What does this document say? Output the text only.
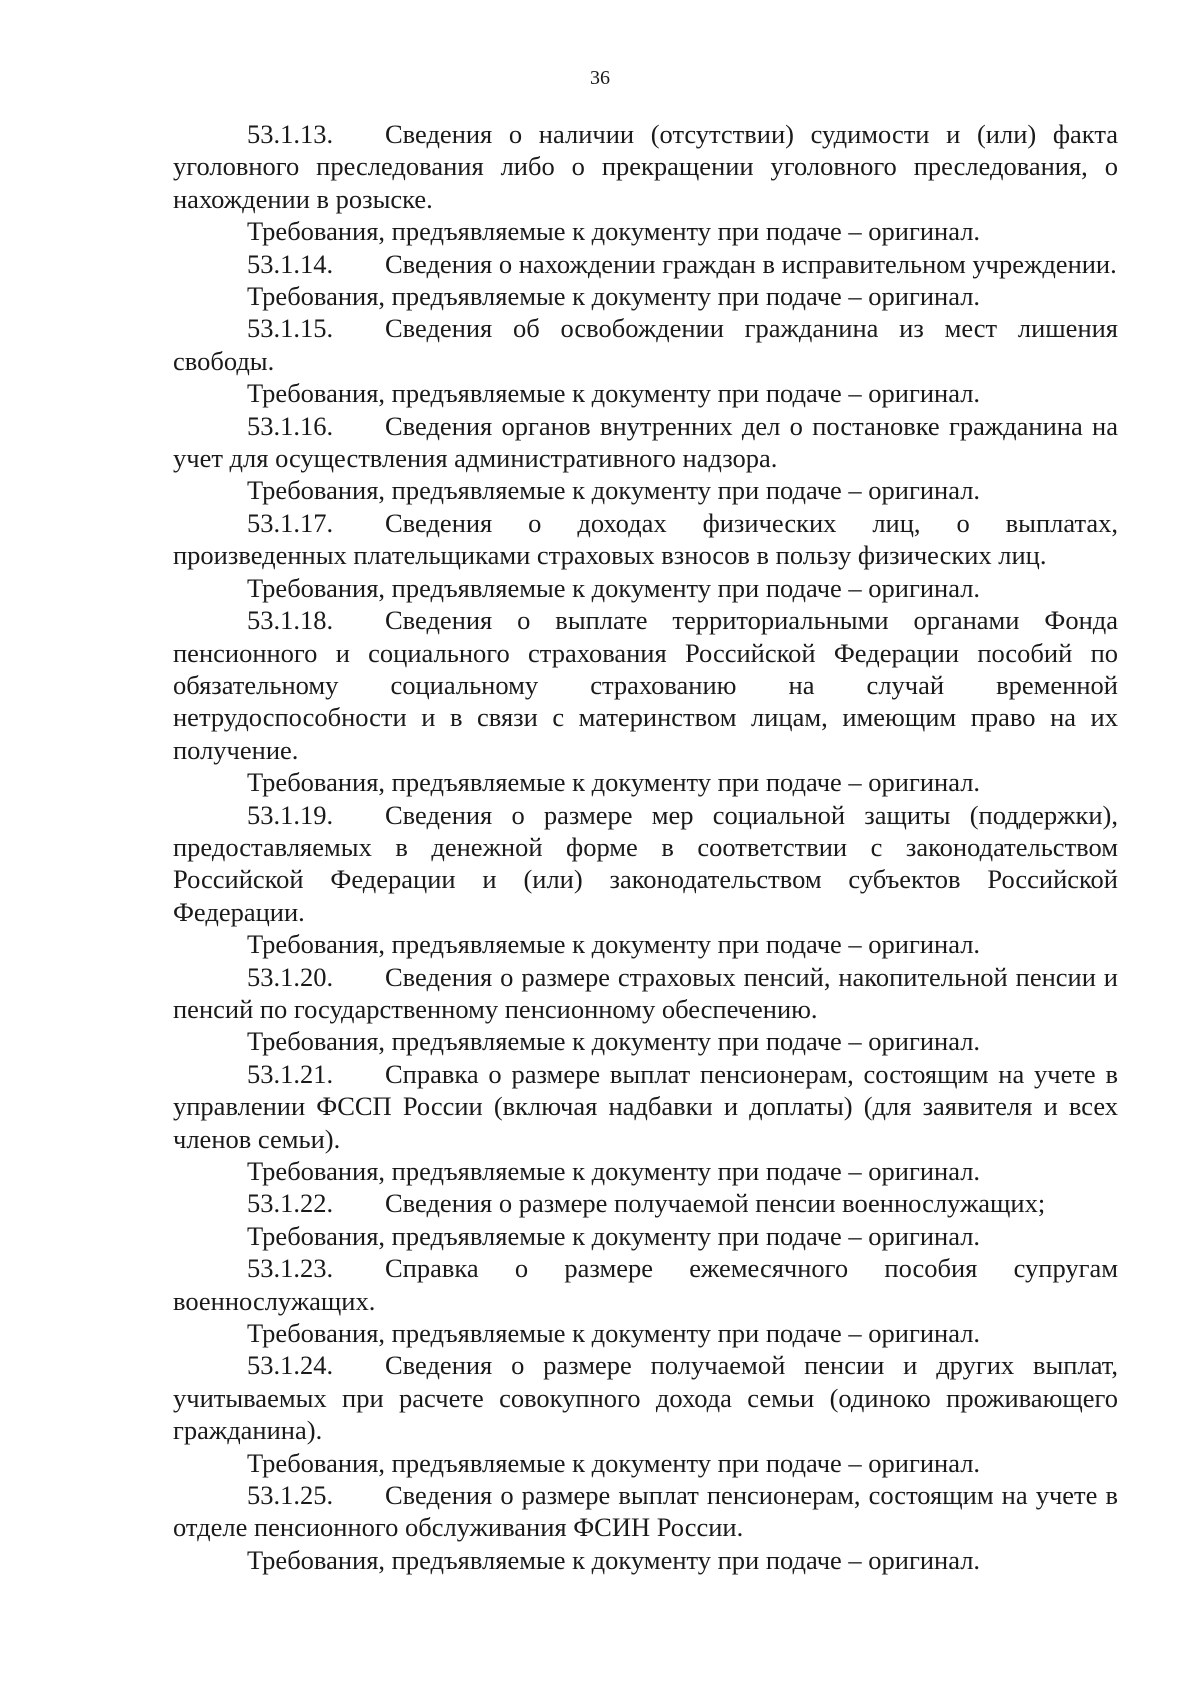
36
53.1.13. Сведения о наличии (отсутствии) судимости и (или) факта уголовного преследования либо о прекращении уголовного преследования, о нахождении в розыске.
Требования, предъявляемые к документу при подаче – оригинал.
53.1.14. Сведения о нахождении граждан в исправительном учреждении.
Требования, предъявляемые к документу при подаче – оригинал.
53.1.15. Сведения об освобождении гражданина из мест лишения свободы.
Требования, предъявляемые к документу при подаче – оригинал.
53.1.16. Сведения органов внутренних дел о постановке гражданина на учет для осуществления административного надзора.
Требования, предъявляемые к документу при подаче – оригинал.
53.1.17. Сведения о доходах физических лиц, о выплатах, произведенных плательщиками страховых взносов в пользу физических лиц.
Требования, предъявляемые к документу при подаче – оригинал.
53.1.18. Сведения о выплате территориальными органами Фонда пенсионного и социального страхования Российской Федерации пособий по обязательному социальному страхованию на случай временной нетрудоспособности и в связи с материнством лицам, имеющим право на их получение.
Требования, предъявляемые к документу при подаче – оригинал.
53.1.19. Сведения о размере мер социальной защиты (поддержки), предоставляемых в денежной форме в соответствии с законодательством Российской Федерации и (или) законодательством субъектов Российской Федерации.
Требования, предъявляемые к документу при подаче – оригинал.
53.1.20. Сведения о размере страховых пенсий, накопительной пенсии и пенсий по государственному пенсионному обеспечению.
Требования, предъявляемые к документу при подаче – оригинал.
53.1.21. Справка о размере выплат пенсионерам, состоящим на учете в управлении ФССП России (включая надбавки и доплаты) (для заявителя и всех членов семьи).
Требования, предъявляемые к документу при подаче – оригинал.
53.1.22. Сведения о размере получаемой пенсии военнослужащих;
Требования, предъявляемые к документу при подаче – оригинал.
53.1.23. Справка о размере ежемесячного пособия супругам военнослужащих.
Требования, предъявляемые к документу при подаче – оригинал.
53.1.24. Сведения о размере получаемой пенсии и других выплат, учитываемых при расчете совокупного дохода семьи (одиноко проживающего гражданина).
Требования, предъявляемые к документу при подаче – оригинал.
53.1.25. Сведения о размере выплат пенсионерам, состоящим на учете в отделе пенсионного обслуживания ФСИН России.
Требования, предъявляемые к документу при подаче – оригинал.
